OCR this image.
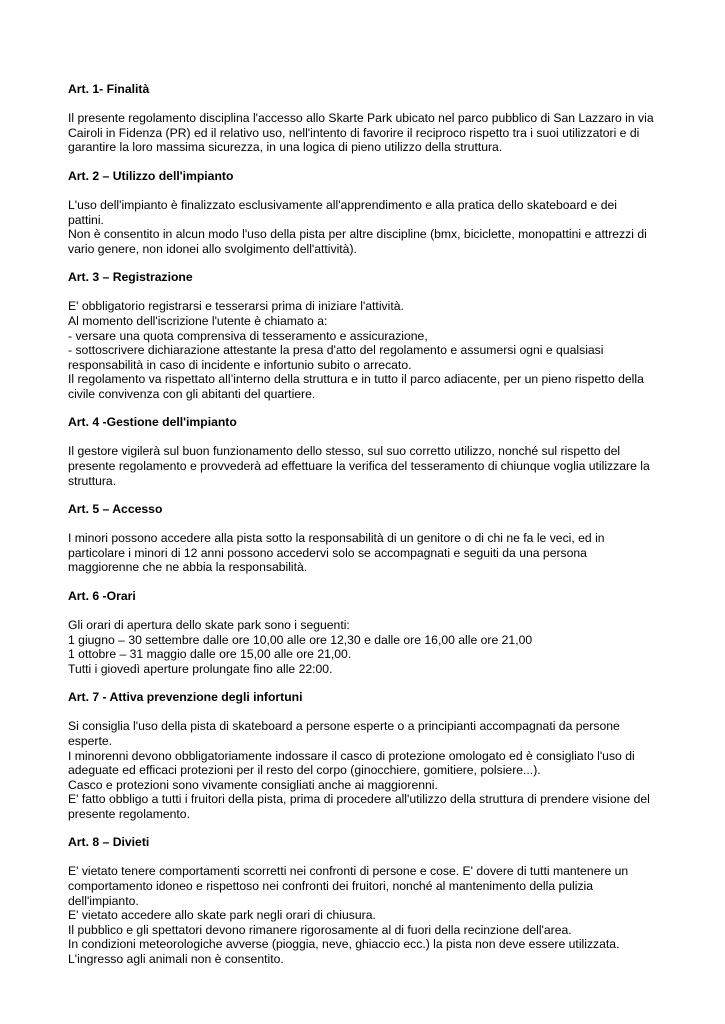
Art. 1- Finalità

Il presente regolamento disciplina l'accesso allo Skarte Park ubicato nel parco pubblico di San Lazzaro in via

Cairoli in Fidenza (PR) ed il relativo uso, nell'intento di favorire il reciproco rispetto tra i suoi utilizzatori e di

garantire la loro massima sicurezza, in una logica di pieno utilizzo della struttura.

Art. 2 – Utilizzo dell'impianto

L'uso dell'impianto è finalizzato esclusivamente all'apprendimento e alla pratica dello skateboard e dei

pattini.

Non è consentito in alcun modo l'uso della pista per altre discipline (bmx, biciclette, monopattini e attrezzi di

vario genere, non idonei allo svolgimento dell'attività).

Art. 3 – Registrazione

E' obbligatorio registrarsi e tesserarsi prima di iniziare l'attività.

Al momento dell'iscrizione l'utente è chiamato a:

- versare una quota comprensiva di tesseramento e assicurazione,

- sottoscrivere dichiarazione attestante la presa d'atto del regolamento e assumersi ogni e qualsiasi

responsabilità in caso di incidente e infortunio subito o arrecato.

Il regolamento va rispettato all’interno della struttura e in tutto il parco adiacente, per un pieno rispetto della

civile convivenza con gli abitanti del quartiere.

Art. 4 -Gestione dell'impianto

Il gestore vigilerà sul buon funzionamento dello stesso, sul suo corretto utilizzo, nonché sul rispetto del

presente regolamento e provvederà ad effettuare la verifica del tesseramento di chiunque voglia utilizzare la

struttura.

Art. 5 – Accesso

I minori possono accedere alla pista sotto la responsabilità di un genitore o di chi ne fa le veci, ed in

particolare i minori di 12 anni possono accedervi solo se accompagnati e seguiti da una persona

maggiorenne che ne abbia la responsabilità.

Art. 6 -Orari

Gli orari di apertura dello skate park sono i seguenti:

1 giugno – 30 settembre dalle ore 10,00 alle ore 12,30 e dalle ore 16,00 alle ore 21,00

1 ottobre – 31 maggio dalle ore 15,00 alle ore 21,00.

Tutti i giovedì aperture prolungate fino alle 22:00.

Art. 7 - Attiva prevenzione degli infortuni

Si consiglia l'uso della pista di skateboard a persone esperte o a principianti accompagnati da persone

esperte.

I minorenni devono obbligatoriamente indossare il casco di protezione omologato ed è consigliato l'uso di

adeguate ed efficaci protezioni per il resto del corpo (ginocchiere, gomitiere, polsiere...).

Casco e protezioni sono vivamente consigliati anche ai maggiorenni.

E' fatto obbligo a tutti i fruitori della pista, prima di procedere all'utilizzo della struttura di prendere visione del

presente regolamento.

Art. 8 – Divieti

E' vietato tenere comportamenti scorretti nei confronti di persone e cose. E' dovere di tutti mantenere un

comportamento idoneo e rispettoso nei confronti dei fruitori, nonché al mantenimento della pulizia

dell'impianto.

E' vietato accedere allo skate park negli orari di chiusura.

Il pubblico e gli spettatori devono rimanere rigorosamente al di fuori della recinzione dell'area.

In condizioni meteorologiche avverse (pioggia, neve, ghiaccio ecc.) la pista non deve essere utilizzata.

L'ingresso agli animali non è consentito.
